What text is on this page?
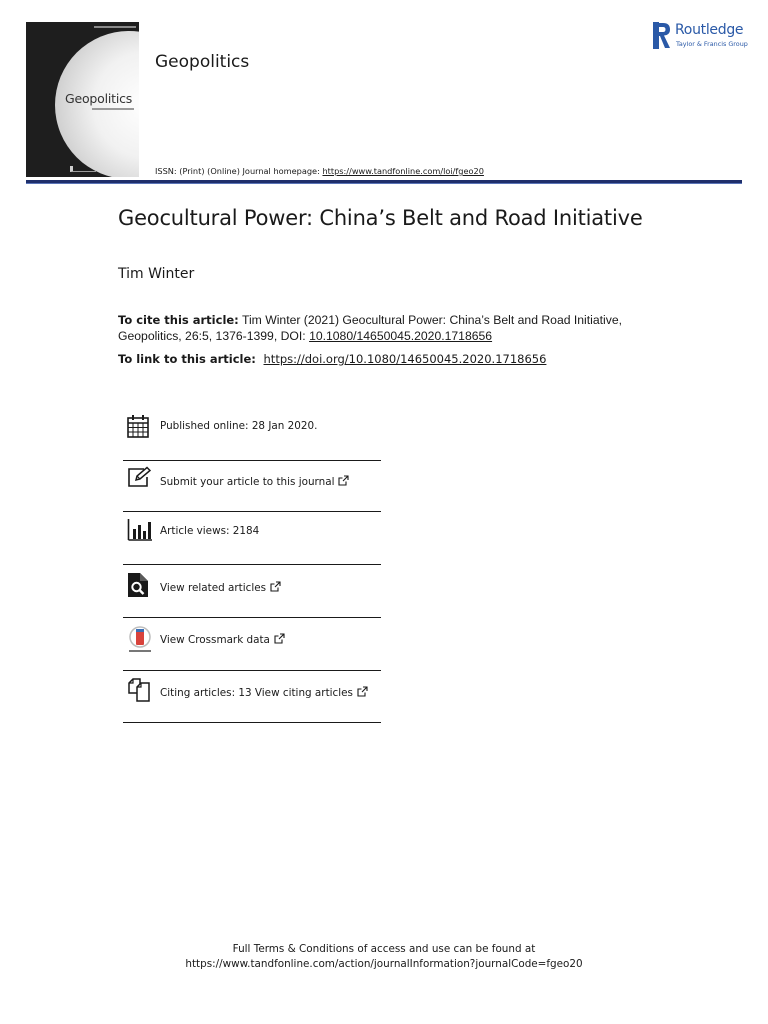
Geopolitics
Geopolitics
ISSN: (Print) (Online) Journal homepage: https://www.tandfonline.com/loi/fgeo20
Routledge
Taylor & Francis Group
Geocultural Power: China’s Belt and Road Initiative
Tim Winter
To cite this article: Tim Winter (2021) Geocultural Power: China’s Belt and Road Initiative, Geopolitics, 26:5, 1376-1399, DOI: 10.1080/14650045.2020.1718656
To link to this article: https://doi.org/10.1080/14650045.2020.1718656
Published online: 28 Jan 2020.
Submit your article to this journal
Article views: 2184
View related articles
View Crossmark data
Citing articles: 13 View citing articles
Full Terms & Conditions of access and use can be found at
https://www.tandfonline.com/action/journalInformation?journalCode=fgeo20
